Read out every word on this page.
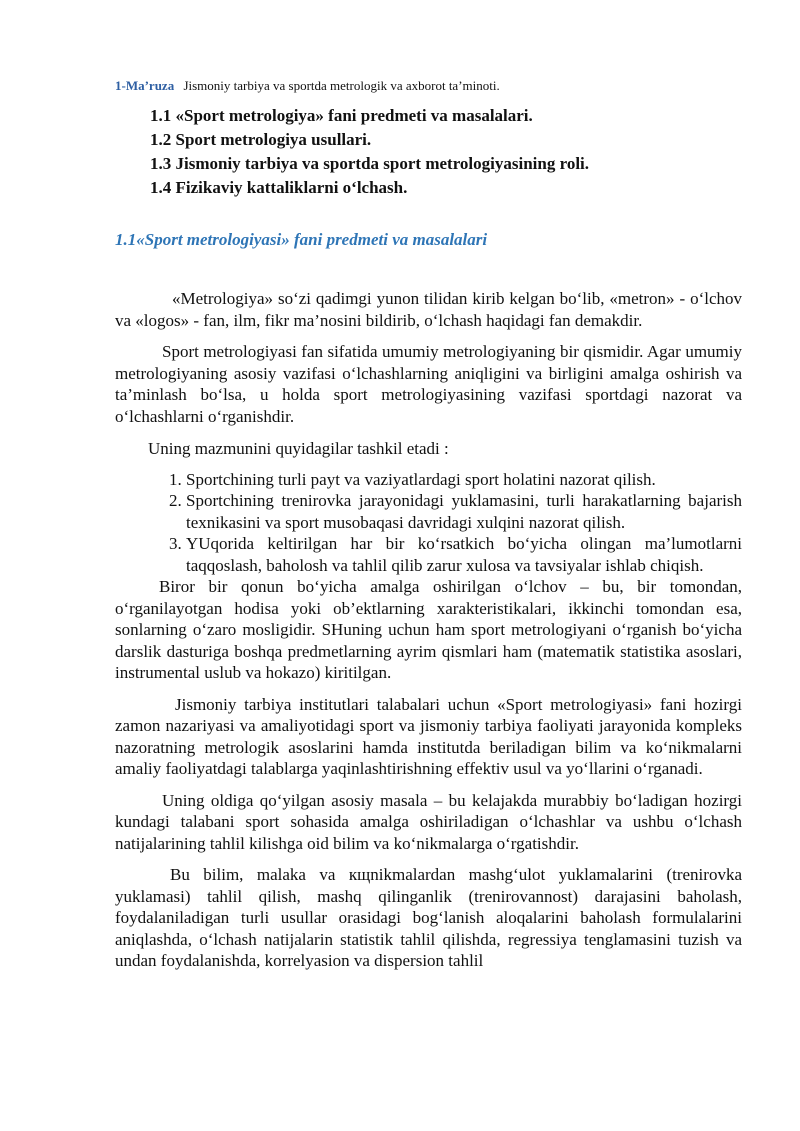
1-Ma’ruza Jismoniy tarbiya va sportda metrologik va axborot ta’minoti.
1.1 «Sport metrologiya» fani predmeti va masalalari.
1.2 Sport metrologiya usullari.
1.3 Jismoniy tarbiya va sportda sport metrologiyasining roli.
1.4 Fizikaviy kattaliklarni o‘lchash.
1.1«Sport metrologiyasi» fani predmeti va masalalari

«Metrologiya» so‘zi qadimgi yunon tilidan kirib kelgan bo‘lib, «metron» - o‘lchov va «logos» - fan, ilm, fikr ma’nosini bildirib, o‘lchash haqidagi fan demakdir.

Sport metrologiyasi fan sifatida umumiy metrologiyaning bir qismidir. Agar umumiy metrologiyaning asosiy vazifasi o‘lchashlarning aniqligini va birligini amalga oshirish va ta’minlash bo‘lsa, u holda sport metrologiyasining vazifasi sportdagi nazorat va o‘lchashlarni o‘rganishdir.

Uning mazmunini quyidagilar tashkil etadi :

1. Sportchining turli payt va vaziyatlardagi sport holatini nazorat qilish.
2. Sportchining trenirovka jarayonidagi yuklamasini, turli harakatlarning bajarish texnikasini va sport musobaqasi davridagi xulqini nazorat qilish.
3. YUqorida keltirilgan har bir ko‘rsatkich bo‘yicha olingan ma’lumotlarni taqqoslash, baholosh va tahlil qilib zarur xulosa va tavsiyalar ishlab chiqish.

Biror bir qonun bo‘yicha amalga oshirilgan o‘lchov – bu, bir tomondan, o‘rganilayotgan hodisa yoki ob’ektlarning xarakteristikalari, ikkinchi tomondan esa, sonlarning o‘zaro mosligidir. SHuning uchun ham sport metrologiyani o‘rganish bo‘yicha darslik dasturiga boshqa predmetlarning ayrim qismlari ham (matematik statistika asoslari, instrumental uslub va hokazo) kiritilgan.

Jismoniy tarbiya institutlari talabalari uchun «Sport metrologiyasi» fani hozirgi zamon nazariyasi va amaliyotidagi sport va jismoniy tarbiya faoliyati jarayonida kompleks nazoratning metrologik asoslarini hamda institutda beriladigan bilim va ko‘nikmalarni amaliy faoliyatdagi talablarga yaqinlashtirishning effektiv usul va yo‘llarini o‘rganadi.

Uning oldiga qo‘yilgan asosiy masala – bu kelajakda murabbiy bo‘ladigan hozirgi kundagi talabani sport sohasida amalga oshiriladigan o‘lchashlar va ushbu o‘lchash natijalarining tahlil kilishga oid bilim va ko‘nikmalarga o‘rgatishdir.

Bu bilim, malaka va кщnikmalardan mashg‘ulot yuklamalarini (trenirovka yuklamasi) tahlil qilish, mashq qilinganlik (trenirovannost) darajasini baholash, foydalaniladigan turli usullar orasidagi bog‘lanish aloqalarini baholash formulalarini aniqlashda, o‘lchash natijalarin statistik tahlil qilishda, regressiya tenglamasini tuzish va undan foydalanishda, korrelyasion va dispersion tahlil
